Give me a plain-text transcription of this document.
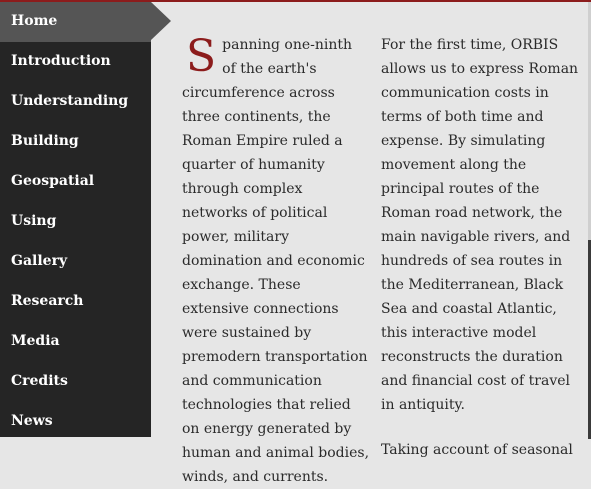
Home
Introduction
Understanding
Building
Geospatial
Using
Gallery
Research
Media
Credits
News
Spanning one-ninth of the earth's circumference across three continents, the Roman Empire ruled a quarter of humanity through complex networks of political power, military domination and economic exchange. These extensive connections were sustained by premodern transportation and communication technologies that relied on energy generated by human and animal bodies, winds, and currents.
For the first time, ORBIS allows us to express Roman communication costs in terms of both time and expense. By simulating movement along the principal routes of the Roman road network, the main navigable rivers, and hundreds of sea routes in the Mediterranean, Black Sea and coastal Atlantic, this interactive model reconstructs the duration and financial cost of travel in antiquity.
Taking account of seasonal
